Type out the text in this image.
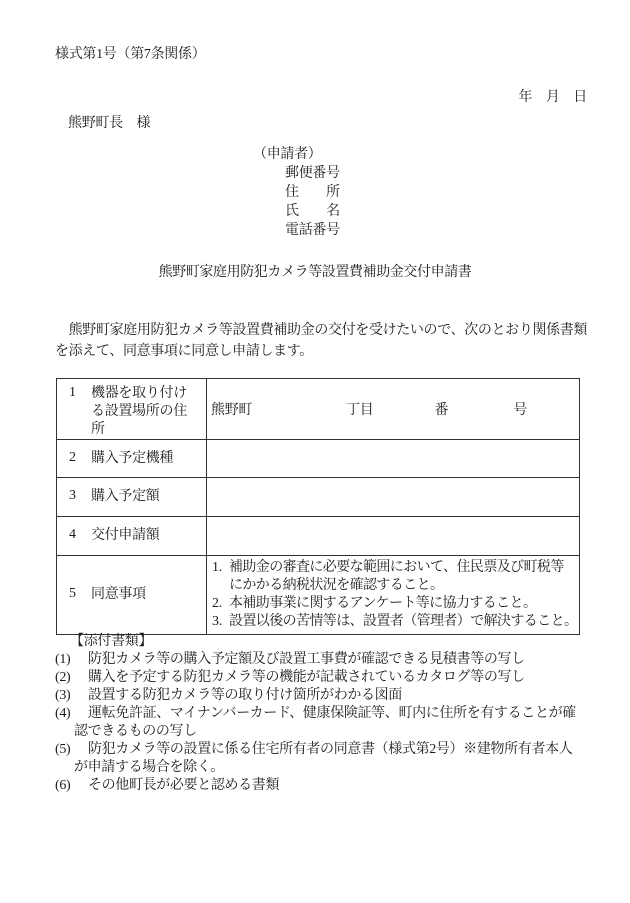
様式第1号（第7条関係）
年　月　日
熊野町長　様
（申請者）
郵便番号
住　　所
氏　　名
電話番号
熊野町家庭用防犯カメラ等設置費補助金交付申請書
　熊野町家庭用防犯カメラ等設置費補助金の交付を受けたいので、次のとおり関係書類
を添えて、同意事項に同意し申請します。
1	機器を取り付け
る設置場所の住
所

熊野町	丁目	番	号

2 購入予定機種	

3 購入予定額	

4 交付申請額	

5	同意事項

1. 補助金の審査に必要な範囲において、住民票及び町税等
にかかる納税状況を確認すること。
2. 本補助事業に関するアンケート等に協力すること。
3. 設置以後の苦情等は、設置者（管理者）で解決すること。
【添付書類】
(1)	防犯カメラ等の購入予定額及び設置工事費が確認できる見積書等の写し
(2)	購入を予定する防犯カメラ等の機能が記載されているカタログ等の写し
(3)	設置する防犯カメラ等の取り付け箇所がわかる図面
(4)	運転免許証、マイナンバーカード、健康保険証等、町内に住所を有することが確
認できるものの写し
(5)	防犯カメラ等の設置に係る住宅所有者の同意書（様式第2号）※建物所有者本人
が申請する場合を除く。
(6)	その他町長が必要と認める書類
